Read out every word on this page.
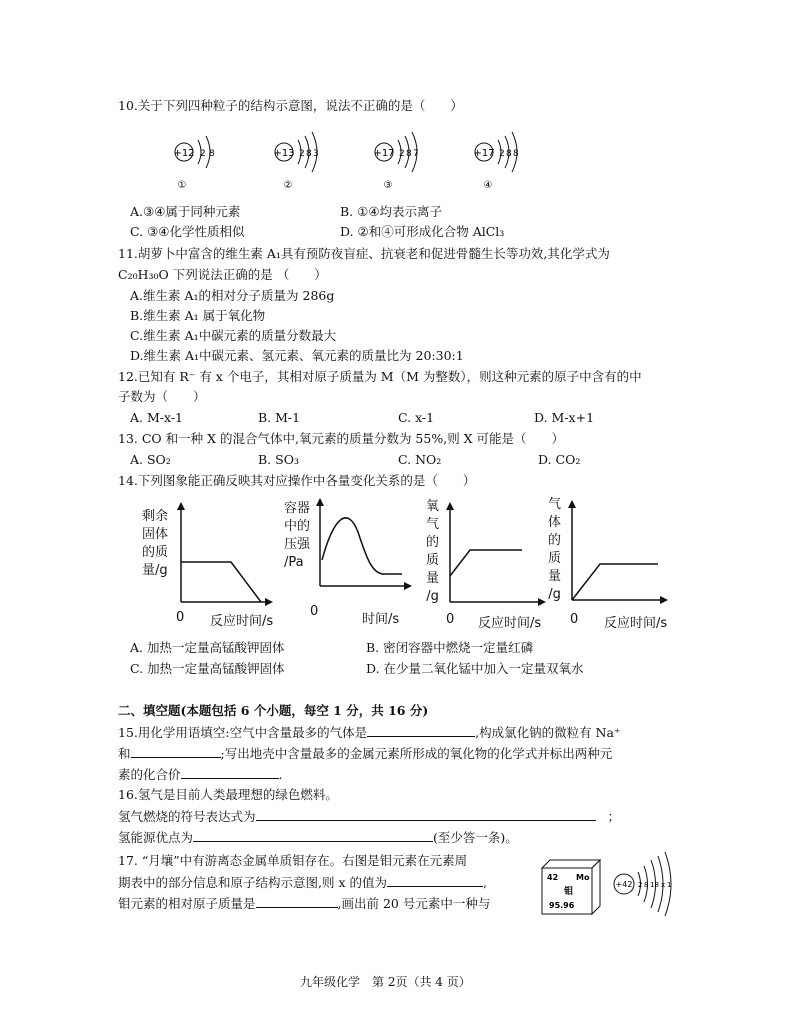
10.关于下列四种粒子的结构示意图，说法不正确的是（　　）
+12 2 8
①
+13 2 8 3
②
+17 2 8 7
③
+17 2 8 8
④
A.③④属于同种元素	B. ①④均表示离子
C. ③④化学性质相似	D. ②和④可形成化合物 AlCl₃
11.胡萝卜中富含的维生素 A₁具有预防夜盲症、抗衰老和促进骨髓生长等功效,其化学式为
C₂₀H₃₀O 下列说法正确的是 （　　）
A.维生素 A₁的相对分子质量为 286g
B.维生素 A₁ 属于氧化物
C.维生素 A₁中碳元素的质量分数最大
D.维生素 A₁中碳元素、氢元素、氧元素的质量比为 20:30:1
12.已知有 R⁻ 有 x 个电子，其相对原子质量为 M（M 为整数），则这种元素的原子中含有的中
子数为（　　）
A. M-x-1	B. M-1	C. x-1	D. M-x+1
13. CO 和一种 X 的混合气体中,氧元素的质量分数为 55%,则 X 可能是（　　）
A. SO₂	B. SO₃	C. NO₂	D. CO₂
14.下列图象能正确反映其对应操作中各量变化关系的是（　　）
剩余
固体
的质
量/g
0 反应时间/s
容器
中的
压强
/Pa
0
时间/s
氧
气
的
质
量
/g
0 反应时间/s
气
体
的
质
量
/g
0 反应时间/s
A. 加热一定量高锰酸钾固体	B. 密闭容器中燃烧一定量红磷
C. 加热一定量高锰酸钾固体	D. 在少量二氧化锰中加入一定量双氧水
二、填空题(本题包括 6 个小题，每空 1 分，共 16 分)
15.用化学用语填空:空气中含量最多的气体是	,构成氯化钠的微粒有 Na⁺
和	;写出地壳中含量最多的金属元素所形成的氧化物的化学式并标出两种元
素的化合价	.
16.氢气是目前人类最理想的绿色燃料。
氢气燃烧的符号表达式为	；
氢能源优点为	(至少答一条)。
17. “月壤”中有游离态金属单质钼存在。右图是钼元素在元素周
期表中的部分信息和原子结构示意图,则 x 的值为	,
钼元素的相对原子质量是	,画出前 20 号元素中一种与
42 Mo
钼
95.96
+42 2 8 18 x 1
九年级化学　第 2页（共 4 页）
